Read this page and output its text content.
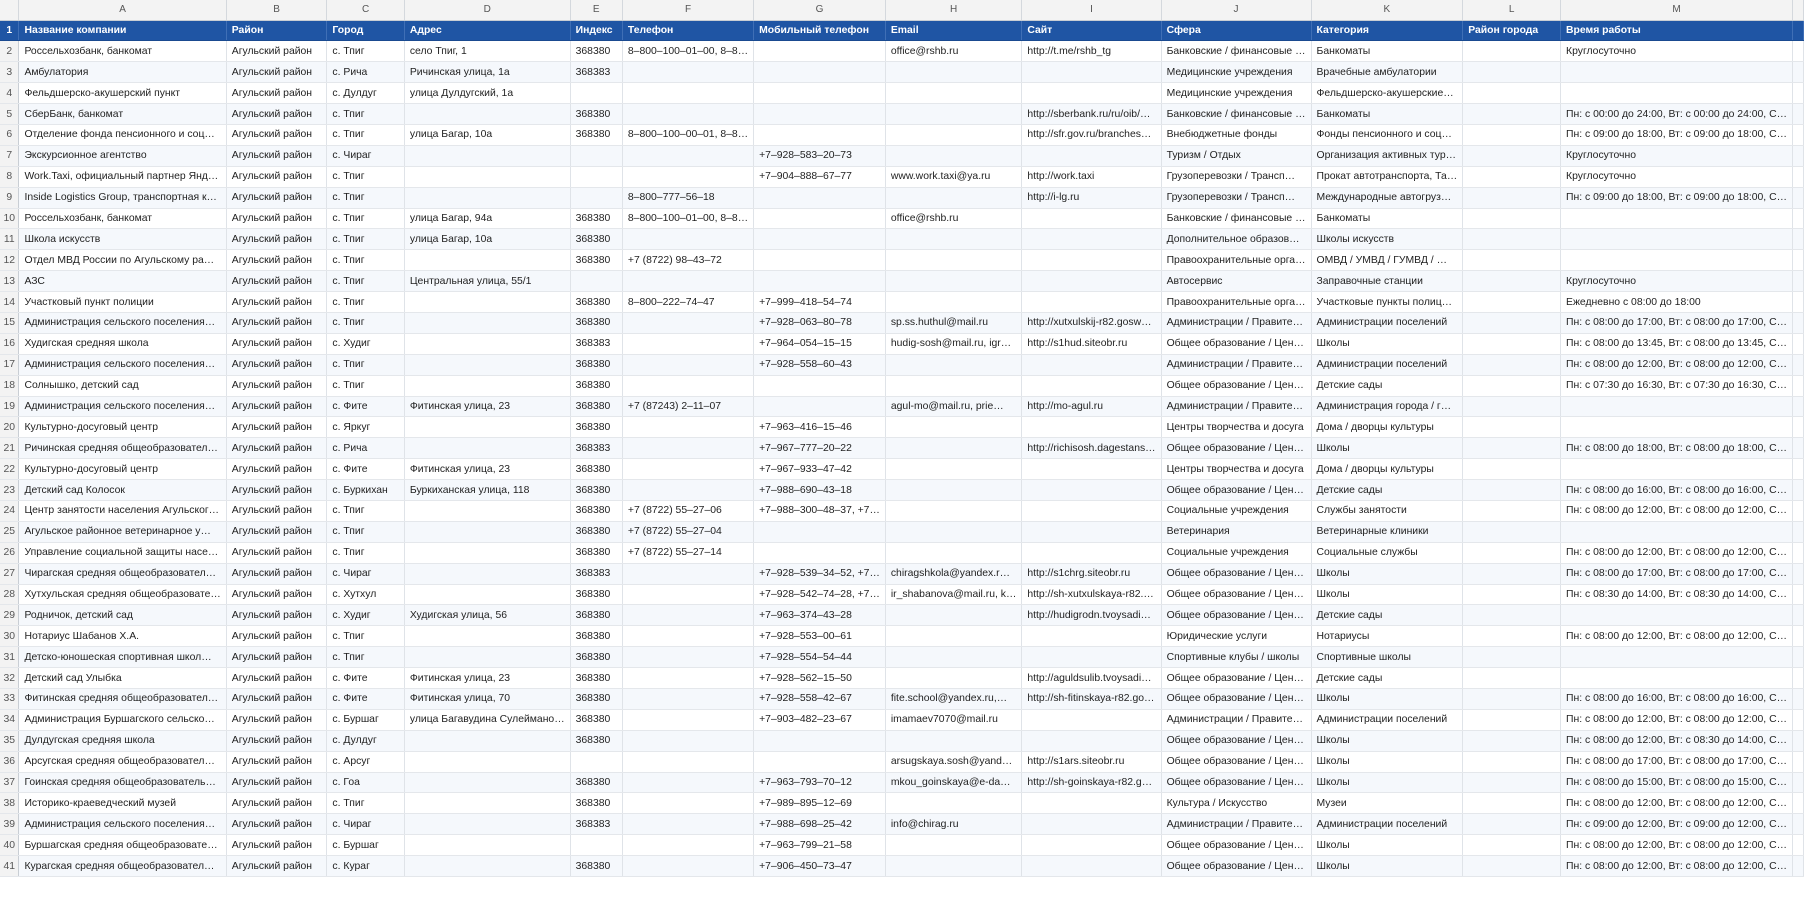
	A	B	C	D	E	F	G	H	I	J	K	L	M	
1	Название компании	Район	Город	Адрес	Индекс	Телефон	Мобильный телефон	Email	Сайт	Сфера	Категория	Район города	Время работы	
2	Россельхозбанк, банкомат	Агульский район	с. Тпиг	село Тпиг, 1	368380	8–800–100–01–00, 8–8…		office@rshb.ru	http://t.me/rshb_tg	Банковские / финансовые …	Банкоматы		Круглосуточно	
3	Амбулатория	Агульский район	с. Рича	Ричинская улица, 1а	368383					Медицинские учреждения	Врачебные амбулатории			
4	Фельдшерско-акушерский пункт	Агульский район	с. Дулдуг	улица Дулдугский, 1а						Медицинские учреждения	Фельдшерско-акушерские…			
5	СберБанк, банкомат	Агульский район	с. Тпиг		368380				http://sberbank.ru/ru/oib/…	Банковские / финансовые …	Банкоматы		Пн: с 00:00 до 24:00, Вт: с 00:00 до 24:00, С…	
6	Отделение фонда пенсионного и соц…	Агульский район	с. Тпиг	улица Багар, 10а	368380	8–800–100–00–01, 8–8…			http://sfr.gov.ru/branches…	Внебюджетные фонды	Фонды пенсионного и соц…		Пн: с 09:00 до 18:00, Вт: с 09:00 до 18:00, С…	
7	Экскурсионное агентство	Агульский район	с. Чираг				+7–928–583–20–73			Туризм / Отдых	Организация активных тур…		Круглосуточно	
8	Work.Taxi, официальный партнер Янд…	Агульский район	с. Тпиг				+7–904–888–67–77	www.work.taxi@ya.ru	http://work.taxi	Грузоперевозки / Трансп…	Прокат автотранспорта, Та…		Круглосуточно	
9	Inside Logistics Group, транспортная к…	Агульский район	с. Тпиг			8–800–777–56–18			http://i-lg.ru	Грузоперевозки / Трансп…	Международные автогруз…		Пн: с 09:00 до 18:00, Вт: с 09:00 до 18:00, С…	
10	Россельхозбанк, банкомат	Агульский район	с. Тпиг	улица Багар, 94а	368380	8–800–100–01–00, 8–8…		office@rshb.ru		Банковские / финансовые …	Банкоматы			
11	Школа искусств	Агульский район	с. Тпиг	улица Багар, 10а	368380					Дополнительное образов…	Школы искусств			
12	Отдел МВД России по Агульскому ра…	Агульский район	с. Тпиг		368380	+7 (8722) 98–43–72				Правоохранительные орга…	ОМВД / УМВД / ГУМВД / …			
13	АЗС	Агульский район	с. Тпиг	Центральная улица, 55/1						Автосервис	Заправочные станции		Круглосуточно	
14	Участковый пункт полиции	Агульский район	с. Тпиг		368380	8–800–222–74–47	+7–999–418–54–74			Правоохранительные орга…	Участковые пункты полиц…		Ежедневно с 08:00 до 18:00	
15	Администрация сельского поселения…	Агульский район	с. Тпиг		368380		+7–928–063–80–78	sp.ss.huthul@mail.ru	http://xutxulskij-r82.gosw…	Администрации / Правите…	Администрации поселений		Пн: с 08:00 до 17:00, Вт: с 08:00 до 17:00, С…	
16	Худигская средняя школа	Агульский район	с. Худиг		368383		+7–964–054–15–15	hudig-sosh@mail.ru, igr…	http://s1hud.siteobr.ru	Общее образование / Цен…	Школы		Пн: с 08:00 до 13:45, Вт: с 08:00 до 13:45, С…	
17	Администрация сельского поселения…	Агульский район	с. Тпиг		368380		+7–928–558–60–43			Администрации / Правите…	Администрации поселений		Пн: с 08:00 до 12:00, Вт: с 08:00 до 12:00, С…	
18	Солнышко, детский сад	Агульский район	с. Тпиг		368380					Общее образование / Цен…	Детские сады		Пн: с 07:30 до 16:30, Вт: с 07:30 до 16:30, С…	
19	Администрация сельского поселения…	Агульский район	с. Фите	Фитинская улица, 23	368380	+7 (87243) 2–11–07		agul-mo@mail.ru, prie…	http://mo-agul.ru	Администрации / Правите…	Администрация города / г…			
20	Культурно-досуговый центр	Агульский район	с. Яркуг		368380		+7–963–416–15–46			Центры творчества и досуга	Дома / дворцы культуры			
21	Ричинская средняя общеобразовател…	Агульский район	с. Рича		368383		+7–967–777–20–22		http://richisosh.dagestans…	Общее образование / Цен…	Школы		Пн: с 08:00 до 18:00, Вт: с 08:00 до 18:00, С…	
22	Культурно-досуговый центр	Агульский район	с. Фите	Фитинская улица, 23	368380		+7–967–933–47–42			Центры творчества и досуга	Дома / дворцы культуры			
23	Детский сад Колосок	Агульский район	с. Буркихан	Буркиханская улица, 118	368380		+7–988–690–43–18			Общее образование / Цен…	Детские сады		Пн: с 08:00 до 16:00, Вт: с 08:00 до 16:00, С…	
24	Центр занятости населения Агульског…	Агульский район	с. Тпиг		368380	+7 (8722) 55–27–06	+7–988–300–48–37, +7…			Социальные учреждения	Службы занятости		Пн: с 08:00 до 12:00, Вт: с 08:00 до 12:00, С…	
25	Агульское районное ветеринарное у…	Агульский район	с. Тпиг		368380	+7 (8722) 55–27–04				Ветеринария	Ветеринарные клиники			
26	Управление социальной защиты насе…	Агульский район	с. Тпиг		368380	+7 (8722) 55–27–14				Социальные учреждения	Социальные службы		Пн: с 08:00 до 12:00, Вт: с 08:00 до 12:00, С…	
27	Чирагская средняя общеобразовател…	Агульский район	с. Чираг		368383		+7–928–539–34–52, +7…	chiragshkola@yandex.r…	http://s1chrg.siteobr.ru	Общее образование / Цен…	Школы		Пн: с 08:00 до 17:00, Вт: с 08:00 до 17:00, С…	
28	Хутхульская средняя общеобразовате…	Агульский район	с. Хутхул		368380		+7–928–542–74–28, +7…	ir_shabanova@mail.ru, k…	http://sh-xutxulskaya-r82.…	Общее образование / Цен…	Школы		Пн: с 08:30 до 14:00, Вт: с 08:30 до 14:00, С…	
29	Родничок, детский сад	Агульский район	с. Худиг	Худигская улица, 56	368380		+7–963–374–43–28		http://hudigrodn.tvoysadi…	Общее образование / Цен…	Детские сады			
30	Нотариус Шабанов Х.А.	Агульский район	с. Тпиг		368380		+7–928–553–00–61			Юридические услуги	Нотариусы		Пн: с 08:00 до 12:00, Вт: с 08:00 до 12:00, С…	
31	Детско-юношеская спортивная школ…	Агульский район	с. Тпиг		368380		+7–928–554–54–44			Спортивные клубы / школы	Спортивные школы			
32	Детский сад Улыбка	Агульский район	с. Фите	Фитинская улица, 23	368380		+7–928–562–15–50		http://aguldsulib.tvoysadi…	Общее образование / Цен…	Детские сады			
33	Фитинская средняя общеобразовател…	Агульский район	с. Фите	Фитинская улица, 70	368380		+7–928–558–42–67	fite.school@yandex.ru,…	http://sh-fitinskaya-r82.go…	Общее образование / Цен…	Школы		Пн: с 08:00 до 16:00, Вт: с 08:00 до 16:00, С…	
34	Администрация Буршагского сельско…	Агульский район	с. Буршаг	улица Багавудина Сулеймано…	368380		+7–903–482–23–67	imamaev7070@mail.ru		Администрации / Правите…	Администрации поселений		Пн: с 08:00 до 12:00, Вт: с 08:00 до 12:00, С…	
35	Дулдугская средняя школа	Агульский район	с. Дулдуг		368380					Общее образование / Цен…	Школы		Пн: с 08:00 до 12:00, Вт: с 08:30 до 14:00, С…	
36	Арсугская средняя общеобразовател…	Агульский район	с. Арсуг					arsugskaya.sosh@yand…	http://s1ars.siteobr.ru	Общее образование / Цен…	Школы		Пн: с 08:00 до 17:00, Вт: с 08:00 до 17:00, С…	
37	Гоинская средняя общеобразователь…	Агульский район	с. Гоа		368380		+7–963–793–70–12	mkou_goinskaya@e-da…	http://sh-goinskaya-r82.g…	Общее образование / Цен…	Школы		Пн: с 08:00 до 15:00, Вт: с 08:00 до 15:00, С…	
38	Историко-краеведческий музей	Агульский район	с. Тпиг		368380		+7–989–895–12–69			Культура / Искусство	Музеи		Пн: с 08:00 до 12:00, Вт: с 08:00 до 12:00, С…	
39	Администрация сельского поселения…	Агульский район	с. Чираг		368383		+7–988–698–25–42	info@chirag.ru		Администрации / Правите…	Администрации поселений		Пн: с 09:00 до 12:00, Вт: с 09:00 до 12:00, С…	
40	Буршагская средняя общеобразовате…	Агульский район	с. Буршаг				+7–963–799–21–58			Общее образование / Цен…	Школы		Пн: с 08:00 до 12:00, Вт: с 08:00 до 12:00, С…	
41	Курагская средняя общеобразовател…	Агульский район	с. Кураг		368380		+7–906–450–73–47			Общее образование / Цен…	Школы		Пн: с 08:00 до 12:00, Вт: с 08:00 до 12:00, С…	
